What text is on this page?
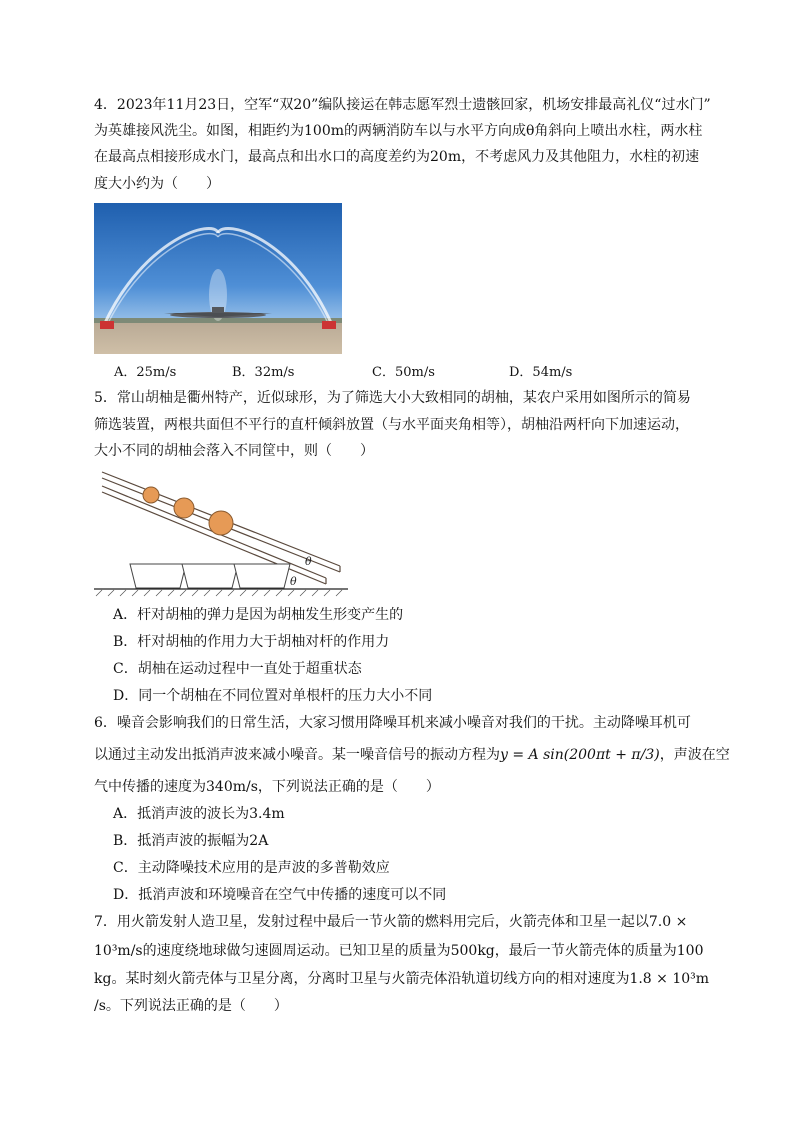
4．2023年11月23日，空军“双20”编队接运在韩志愿军烈士遗骸回家，机场安排最高礼仪“过水门”
为英雄接风洗尘。如图，相距约为100m的两辆消防车以与水平方向成θ角斜向上喷出水柱，两水柱
在最高点相接形成水门，最高点和出水口的高度差约为20m，不考虑风力及其他阻力，水柱的初速
度大小约为（　　）
A．25m/s	B．32m/s	C．50m/s	D．54m/s
5．常山胡柚是衢州特产，近似球形，为了筛选大小大致相同的胡柚，某农户采用如图所示的简易
筛选装置，两根共面但不平行的直杆倾斜放置（与水平面夹角相等），胡柚沿两杆向下加速运动，
大小不同的胡柚会落入不同筐中，则（　　）
θ
θ
A．杆对胡柚的弹力是因为胡柚发生形变产生的
B．杆对胡柚的作用力大于胡柚对杆的作用力
C．胡柚在运动过程中一直处于超重状态
D．同一个胡柚在不同位置对单根杆的压力大小不同
6．噪音会影响我们的日常生活，大家习惯用降噪耳机来减小噪音对我们的干扰。主动降噪耳机可
以通过主动发出抵消声波来减小噪音。某一噪音信号的振动方程为y = A sin(200πt + π/3)，声波在空
气中传播的速度为340m/s，下列说法正确的是（　　）
A．抵消声波的波长为3.4m
B．抵消声波的振幅为2A
C．主动降噪技术应用的是声波的多普勒效应
D．抵消声波和环境噪音在空气中传播的速度可以不同
7．用火箭发射人造卫星，发射过程中最后一节火箭的燃料用完后，火箭壳体和卫星一起以7.0 ×
10³m/s的速度绕地球做匀速圆周运动。已知卫星的质量为500kg，最后一节火箭壳体的质量为100
kg。某时刻火箭壳体与卫星分离，分离时卫星与火箭壳体沿轨道切线方向的相对速度为1.8 × 10³m
/s。下列说法正确的是（　　）
